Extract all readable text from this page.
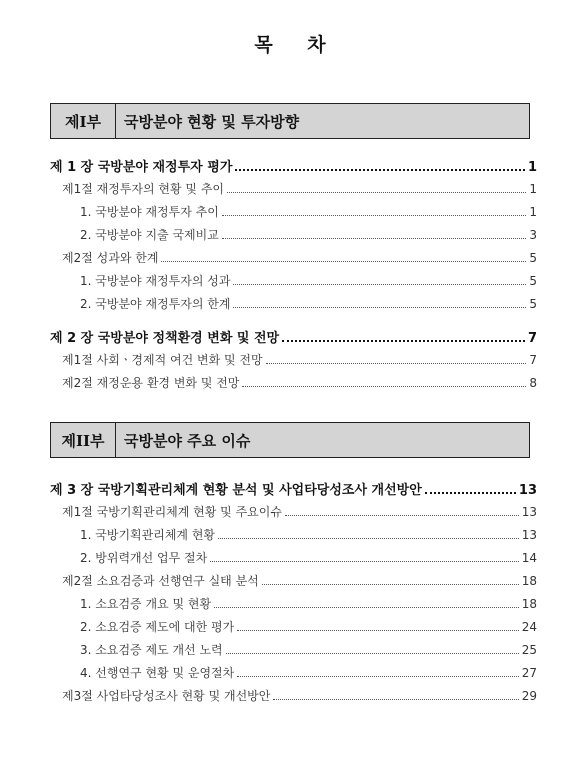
목 차
제I부	국방분야 현황 및 투자방향
제 1 장 국방분야 재정투자 평가	1
제1절 재정투자의 현황 및 추이	1
1. 국방분야 재정투자 추이	1
2. 국방분야 지출 국제비교	3
제2절 성과와 한계	5
1. 국방분야 재정투자의 성과	5
2. 국방분야 재정투자의 한계	5
제 2 장 국방분야 정책환경 변화 및 전망	7
제1절 사회ㆍ경제적 여건 변화 및 전망	7
제2절 재정운용 환경 변화 및 전망	8
제II부	국방분야 주요 이슈
제 3 장 국방기획관리체계 현황 분석 및 사업타당성조사 개선방안	13
제1절 국방기획관리체계 현황 및 주요이슈	13
1. 국방기획관리체계 현황	13
2. 방위력개선 업무 절차	14
제2절 소요검증과 선행연구 실태 분석	18
1. 소요검증 개요 및 현황	18
2. 소요검증 제도에 대한 평가	24
3. 소요검증 제도 개선 노력	25
4. 선행연구 현황 및 운영절차	27
제3절 사업타당성조사 현황 및 개선방안	29
